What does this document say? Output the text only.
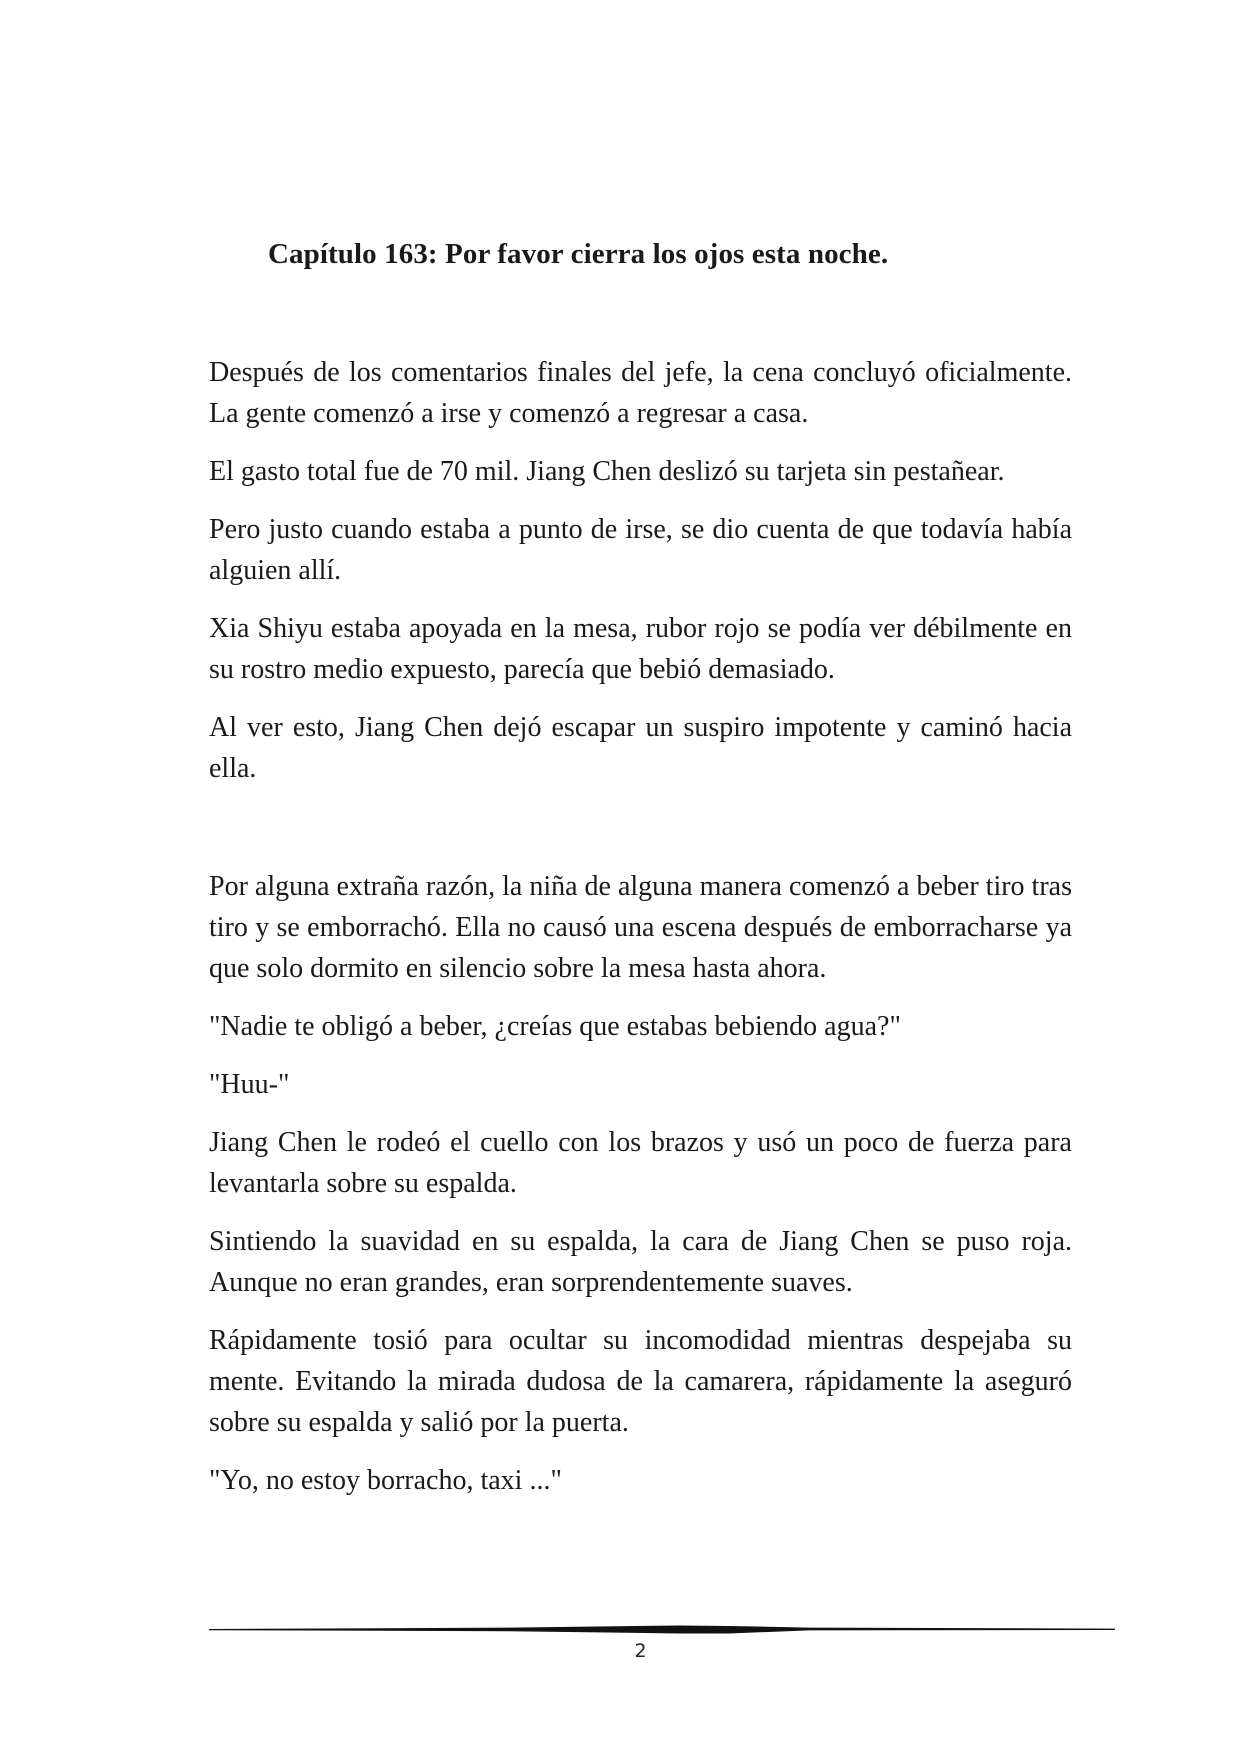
Capítulo 163: Por favor cierra los ojos esta noche.

Después de los comentarios finales del jefe, la cena concluyó oficialmente. La gente comenzó a irse y comenzó a regresar a casa.

El gasto total fue de 70 mil. Jiang Chen deslizó su tarjeta sin pestañear.

Pero justo cuando estaba a punto de irse, se dio cuenta de que todavía había alguien allí.

Xia Shiyu estaba apoyada en la mesa, rubor rojo se podía ver débilmente en su rostro medio expuesto, parecía que bebió demasiado.

Al ver esto, Jiang Chen dejó escapar un suspiro impotente y caminó hacia ella.

Por alguna extraña razón, la niña de alguna manera comenzó a beber tiro tras tiro y se emborrachó. Ella no causó una escena después de emborracharse ya que solo dormito en silencio sobre la mesa hasta ahora.

"Nadie te obligó a beber, ¿creías que estabas bebiendo agua?"

"Huu-"

Jiang Chen le rodeó el cuello con los brazos y usó un poco de fuerza para levantarla sobre su espalda.

Sintiendo la suavidad en su espalda, la cara de Jiang Chen se puso roja. Aunque no eran grandes, eran sorprendentemente suaves.

Rápidamente tosió para ocultar su incomodidad mientras despejaba su mente. Evitando la mirada dudosa de la camarera, rápidamente la aseguró sobre su espalda y salió por la puerta.

"Yo, no estoy borracho, taxi ..."

2
